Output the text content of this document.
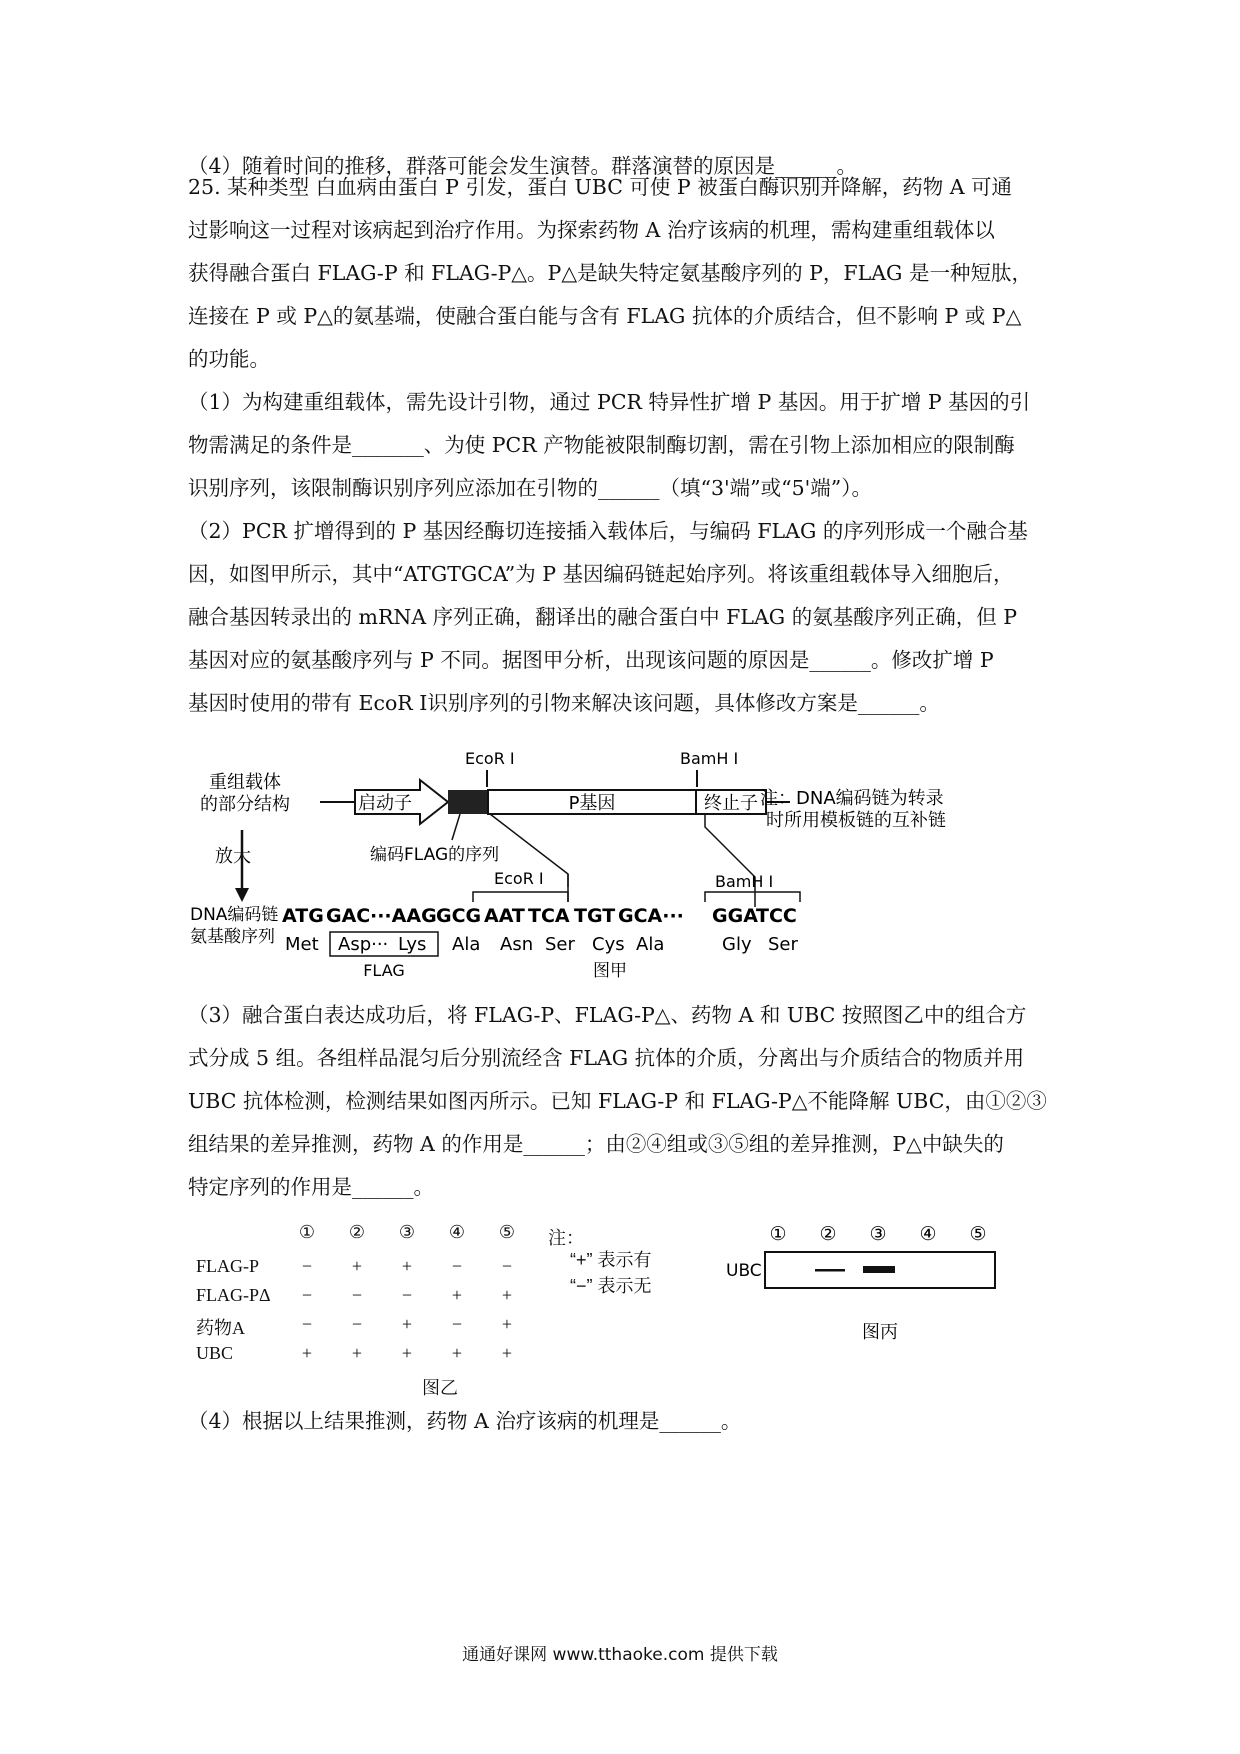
（4）随着时间的推移，群落可能会发生演替。群落演替的原因是______。

25. 某种类型 白血病由蛋白 P 引发，蛋白 UBC 可使 P 被蛋白酶识别并降解，药物 A 可通

过影响这一过程对该病起到治疗作用。为探索药物 A 治疗该病的机理，需构建重组载体以

获得融合蛋白 FLAG-P 和 FLAG-P△。P△是缺失特定氨基酸序列的 P，FLAG 是一种短肽，

连接在 P 或 P△的氨基端，使融合蛋白能与含有 FLAG 抗体的介质结合，但不影响 P 或 P△

的功能。

（1）为构建重组载体，需先设计引物，通过 PCR 特异性扩增 P 基因。用于扩增 P 基因的引

物需满足的条件是_______、为使 PCR 产物能被限制酶切割，需在引物上添加相应的限制酶

识别序列，该限制酶识别序列应添加在引物的______（填“3'端”或“5'端”）。

（2）PCR 扩增得到的 P 基因经酶切连接插入载体后，与编码 FLAG 的序列形成一个融合基

因，如图甲所示，其中“ATGTGCA”为 P 基因编码链起始序列。将该重组载体导入细胞后，

融合基因转录出的 mRNA 序列正确，翻译出的融合蛋白中 FLAG 的氨基酸序列正确，但 P

基因对应的氨基酸序列与 P 不同。据图甲分析，出现该问题的原因是______。修改扩增 P

基因时使用的带有 EcoR Ⅰ识别序列的引物来解决该问题，具体修改方案是______。

重组载体
的部分结构
放大
EcoR Ⅰ	BamH Ⅰ
启动子	P基因	终止子
编码FLAG的序列
注：DNA编码链为转录
时所用模板链的互补链
EcoR Ⅰ	BamH Ⅰ
DNA编码链
氨基酸序列
ATG GAC ···AAG GCG AAT TCA TGT GCA··· GGA
TCC
Met Asp··· Lys Ala Asn Ser Cys Ala	Gly Ser
FLAG	图甲

（3）融合蛋白表达成功后，将 FLAG-P、FLAG-P△、药物 A 和 UBC 按照图乙中的组合方

式分成 5 组。各组样品混匀后分别流经含 FLAG 抗体的介质，分离出与介质结合的物质并用

UBC 抗体检测，检测结果如图丙所示。已知 FLAG-P 和 FLAG-P△不能降解 UBC，由①②③

组结果的差异推测，药物 A 的作用是______；由②④组或③⑤组的差异推测，P△中缺失的

特定序列的作用是______。

①	②	③	④	⑤
FLAG-P	−	+	+	−	−
FLAG-PΔ	−	−	−	+	+
药物A	−	−	+	−	+
UBC	+	+	+	+	+
图乙
注：
“+” 表示有
“−” 表示无
① ② ③ ④ ⑤
UBC
图丙

（4）根据以上结果推测，药物 A 治疗该病的机理是______。

通通好课网 www.tthaoke.com 提供下载
